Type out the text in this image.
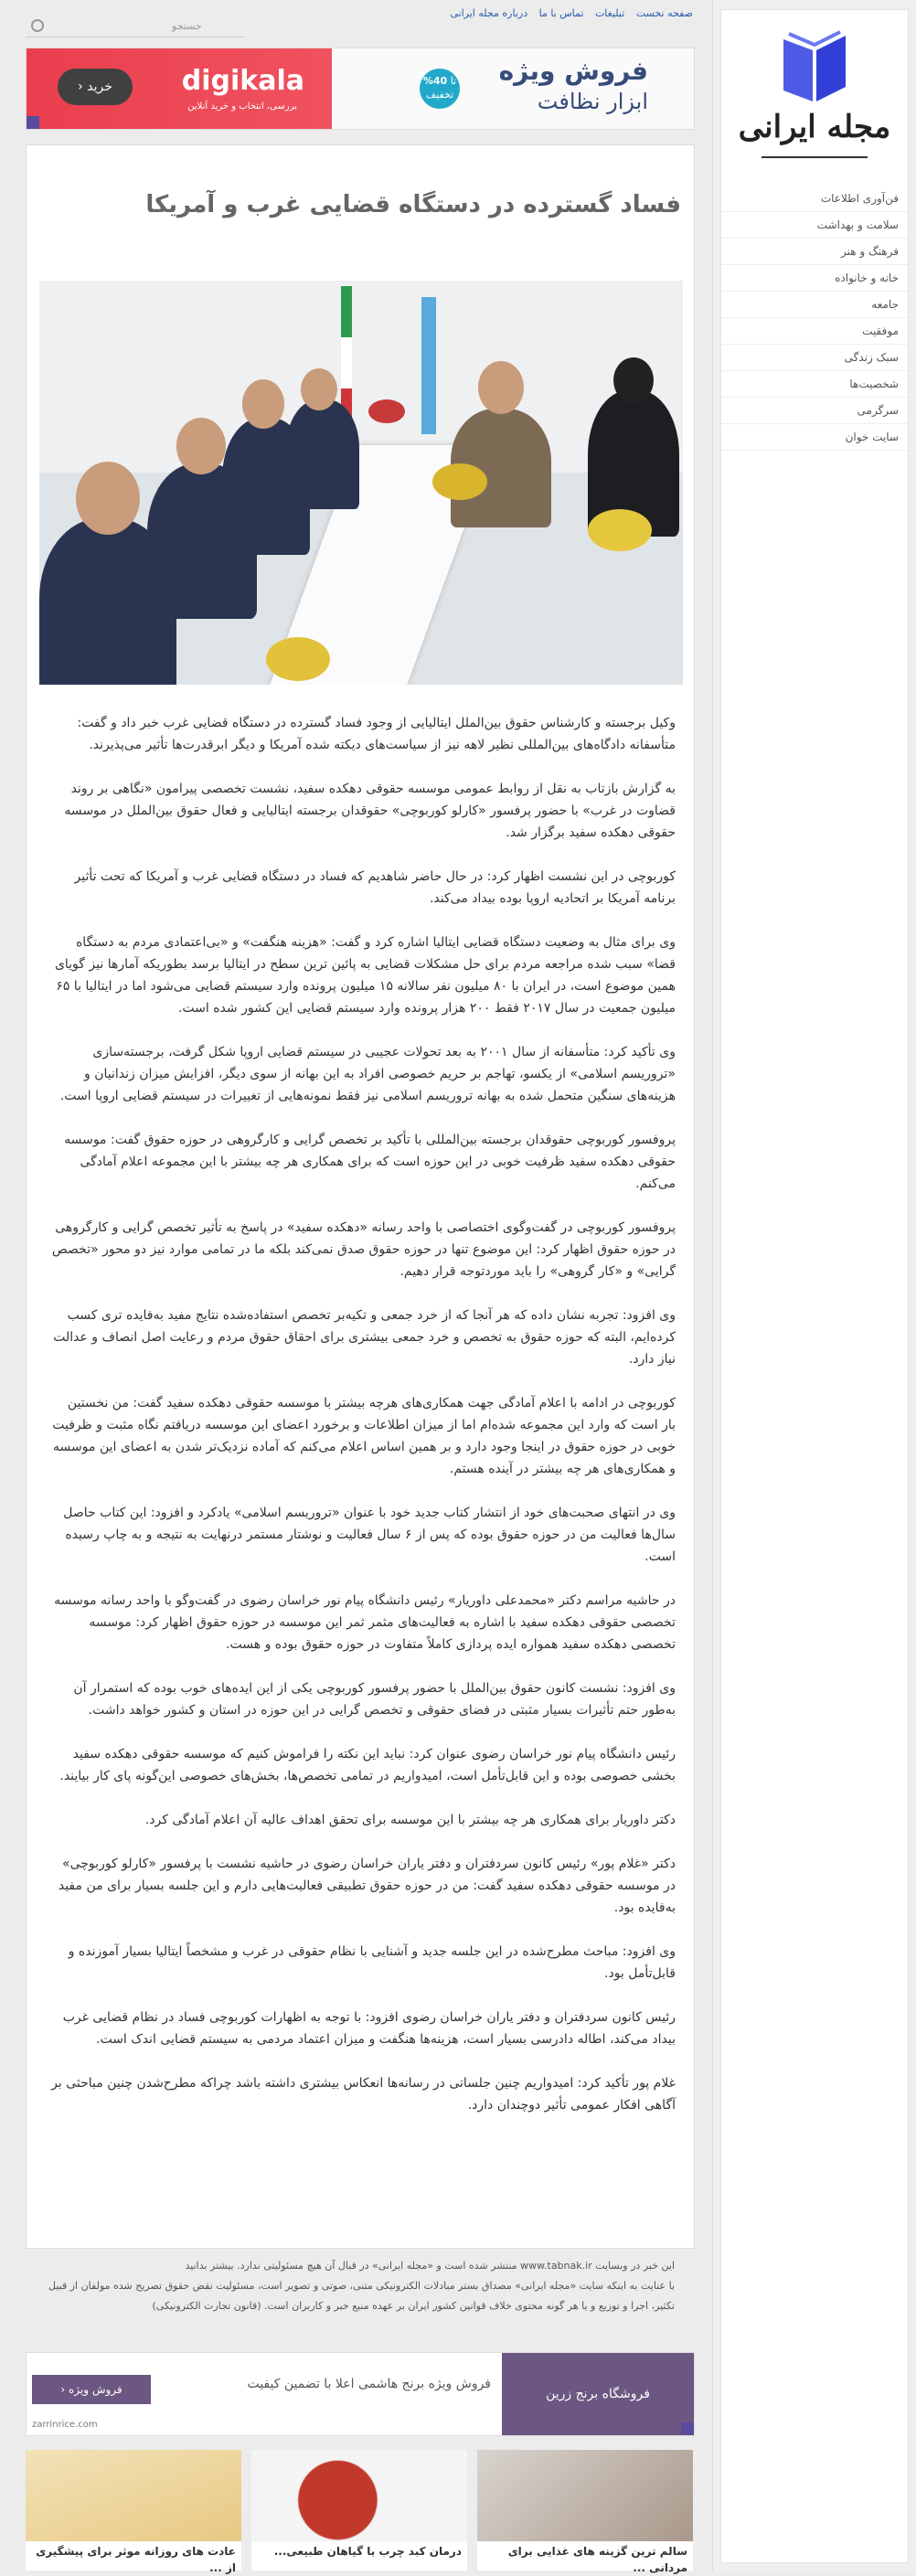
مجله ایرانی
فن‌آوری اطلاعات
سلامت و بهداشت
فرهنگ و هنر
خانه و خانواده
جامعه
موفقیت
سبک زندگی
شخصیت‌ها
سرگرمی
سایت خوان
صفحه نخست تبلیغات تماس با ما درباره مجله ایرانی
جستجو
digikala
بررسی، انتخاب و خرید آنلاین
خرید ‹
فروش ویژه
ابزار نظافت
تا 40%
تخفیف
فساد گسترده در دستگاه قضایی غرب و آمریکا

وکیل برجسته و کارشناس حقوق بین‌الملل ایتالیایی از وجود فساد گسترده در دستگاه قضایی غرب خبر داد و گفت: متأسفانه دادگاه‌های بین‌المللی نظیر لاهه نیز از سیاست‌های دیکته شده آمریکا و دیگر ابرقدرت‌ها تأثیر می‌پذیرند.

به گزارش بازتاب به نقل از روابط عمومی موسسه حقوقی دهکده سفید، نشست تخصصی پیرامون «نگاهی بر روند قضاوت در غرب» با حضور پرفسور «کارلو کوربوچی» حقوقدان برجسته ایتالیایی و فعال حقوق بین‌الملل در موسسه حقوقی دهکده سفید برگزار شد.

کوربوچی در این نشست اظهار کرد: در حال حاضر شاهدیم که فساد در دستگاه قضایی غرب و آمریکا که تحت تأثیر برنامه آمریکا بر اتحادیه اروپا بوده بیداد می‌کند.

وی برای مثال به وضعیت دستگاه قضایی ایتالیا اشاره کرد و گفت: «هزینه هنگفت» و «بی‌اعتمادی مردم به دستگاه قضا» سبب شده مراجعه مردم برای حل مشکلات قضایی به پائین ترین سطح در ایتالیا برسد بطوریکه آمارها نیز گویای همین موضوع است، در ایران با ۸۰ میلیون نفر سالانه ۱۵ میلیون پرونده وارد سیستم قضایی می‌شود اما در ایتالیا با ۶۵ میلیون جمعیت در سال ۲۰۱۷ فقط ۲۰۰ هزار پرونده وارد سیستم قضایی این کشور شده است.

وی تأکید کرد: متأسفانه از سال ۲۰۰۱ به بعد تحولات عجیبی در سیستم قضایی اروپا شکل گرفت، برجسته‌سازی «تروریسم اسلامی» از یکسو، تهاجم بر حریم خصوصی افراد به این بهانه از سوی دیگر، افزایش میزان زندانیان و هزینه‌های سنگین متحمل شده به بهانه تروریسم اسلامی نیز فقط نمونه‌هایی از تغییرات در سیستم قضایی اروپا است.

پروفسور کوربوچی حقوقدان برجسته بین‌المللی با تأکید بر تخصص گرایی و کارگروهی در حوزه حقوق گفت: موسسه حقوقی دهکده سفید ظرفیت خوبی در این حوزه است که برای همکاری هر چه بیشتر با این مجموعه اعلام آمادگی می‌کنم.

پروفسور کوربوچی در گفت‌وگوی اختصاصی با واحد رسانه «دهکده سفید» در پاسخ به تأثیر تخصص گرایی و کارگروهی در حوزه حقوق اظهار کرد: این موضوع تنها در حوزه حقوق صدق نمی‌کند بلکه ما در تمامی موارد نیز دو محور «تخصص گرایی» و «کار گروهی» را باید موردتوجه قرار دهیم.

وی افزود: تجربه نشان داده که هر آنجا که از خرد جمعی و تکیه‌بر تخصص استفاده‌شده نتایج مفید به‌فایده تری کسب کرده‌ایم، البته که حوزه حقوق به تخصص و خرد جمعی بیشتری برای احقاق حقوق مردم و رعایت اصل انصاف و عدالت نیاز دارد.

کوربوچی در ادامه با اعلام آمادگی جهت همکاری‌های هرچه بیشتر با موسسه حقوقی دهکده سفید گفت: من نخستین بار است که وارد این مجموعه شده‌ام اما از میزان اطلاعات و برخورد اعضای این موسسه دریافتم نگاه مثبت و ظرفیت خوبی در حوزه حقوق در اینجا وجود دارد و بر همین اساس اعلام می‌کنم که آماده نزدیک‌تر شدن به اعضای این موسسه و همکاری‌های هر چه بیشتر در آینده هستم.

وی در انتهای صحبت‌های خود از انتشار کتاب جدید خود با عنوان «تروریسم اسلامی» یادکرد و افزود: این کتاب حاصل سال‌ها فعالیت من در حوزه حقوق بوده که پس از ۶ سال فعالیت و نوشتار مستمر درنهایت به نتیجه و به چاپ رسیده است.

در حاشیه مراسم دکتر «محمدعلی داوریار» رئیس دانشگاه پیام نور خراسان رضوی در گفت‌وگو با واحد رسانه موسسه تخصصی حقوقی دهکده سفید با اشاره به فعالیت‌های مثمر ثمر این موسسه در حوزه حقوق اظهار کرد: موسسه تخصصی دهکده سفید همواره ایده پردازی کاملاً متفاوت در حوزه حقوق بوده و هست.

وی افزود: نشست کانون حقوق بین‌الملل با حضور پرفسور کوربوچی یکی از این ایده‌های خوب بوده که استمرار آن به‌طور حتم تأثیرات بسیار مثبتی در فضای حقوقی و تخصص گرایی در این حوزه در استان و کشور خواهد داشت.

رئیس دانشگاه پیام نور خراسان رضوی عنوان کرد: نباید این نکته را فراموش کنیم که موسسه حقوقی دهکده سفید بخشی خصوصی بوده و این قابل‌تأمل است، امیدواریم در تمامی تخصص‌ها، بخش‌های خصوصی این‌گونه پای کار بیایند.

دکتر داوریار برای همکاری هر چه بیشتر با این موسسه برای تحقق اهداف عالیه آن اعلام آمادگی کرد.

دکتر «غلام پور» رئیس کانون سردفتران و دفتر یاران خراسان رضوی در حاشیه نشست با پرفسور «کارلو کوربوچی» در موسسه حقوقی دهکده سفید گفت: من در حوزه حقوق تطبیقی فعالیت‌هایی دارم و این جلسه بسیار برای من مفید به‌فایده بود.

وی افزود: مباحث مطرح‌شده در این جلسه جدید و آشنایی با نظام حقوقی در غرب و مشخصاً ایتالیا بسیار آموزنده و قابل‌تأمل بود.

رئیس کانون سردفتران و دفتر یاران خراسان رضوی افزود: با توجه به اظهارات کوربوچی فساد در نظام قضایی غرب بیداد می‌کند، اطاله دادرسی بسیار است، هزینه‌ها هنگفت و میزان اعتماد مردمی به سیستم قضایی اندک است.

غلام پور تأکید کرد: امیدواریم چنین جلساتی در رسانه‌ها انعکاس بیشتری داشته باشد چراکه مطرح‌شدن چنین مباحثی بر آگاهی افکار عمومی تأثیر دوچندان دارد.

این خبر در وبسایت www.tabnak.ir منتشر شده است و «مجله ایرانی» در قبال آن هیچ مسئولیتی ندارد. بیشتر بدانید

با عنایت به اینکه سایت «مجله ایرانی» مصداق بستر مبادلات الکترونیکی متنی، صوتی و تصویر است، مسئولیت نقض حقوق تصریح شده مولفان از قبیل تکثیر، اجرا و توزیع و یا هر گونه محتوی خلاف قوانین کشور ایران بر عهده منبع خبر و کاربران است. (قانون تجارت الکترونیکی)

فروشگاه برنج زرین
فروش ویژه برنج هاشمی اعلا با تضمین کیفیت
فروش ویژه ‹
zarrinrice.com
سالم ترین گزینه های غذایی برای مردانی ...
درمان کبد چرب با گیاهان طبیعی...
عادت های روزانه موثر برای پیشگیری از ...
